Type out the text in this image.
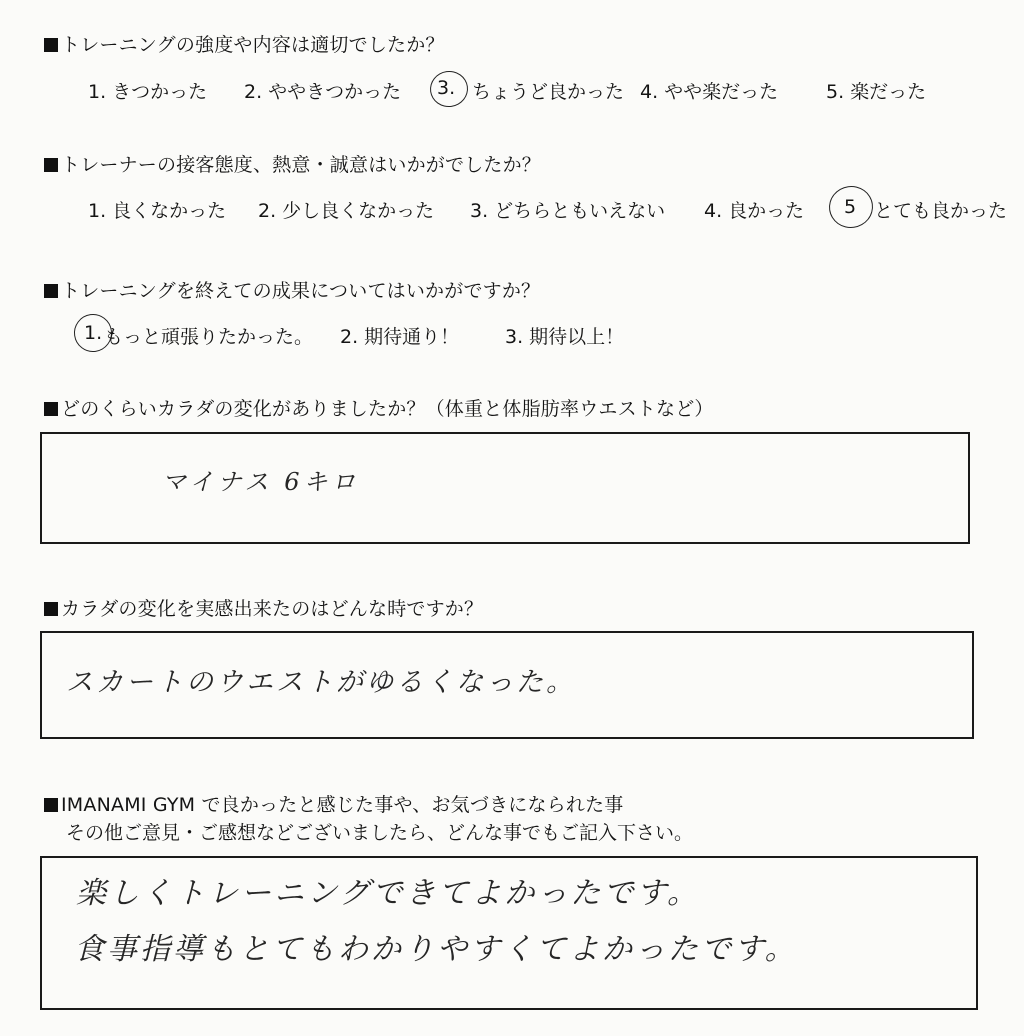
トレーニングの強度や内容は適切でしたか？
1. きつかった 2. ややきつかった 3. ちょうど良かった 4. やや楽だった	5. 楽だった
トレーナーの接客態度、熱意・誠意はいかがでしたか？
1. 良くなかった 2. 少し良くなかった 3. どちらともいえない 4. 良かった 5 とても良かった
トレーニングを終えての成果についてはいかがですか？
1. もっと頑張りたかった。 2. 期待通り！ 3. 期待以上！
どのくらいカラダの変化がありましたか？（体重と体脂肪率ウエストなど）
マイナス 6キロ
カラダの変化を実感出来たのはどんな時ですか？
スカートのウエストがゆるくなった。
IMANAMI GYM で良かったと感じた事や、お気づきになられた事
その他ご意見・ご感想などございましたら、どんな事でもご記入下さい。
楽しくトレーニングできてよかったです。
食事指導もとてもわかりやすくてよかったです。
